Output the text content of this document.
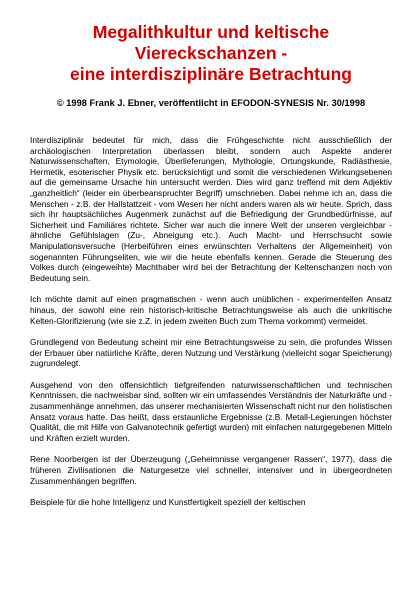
Megalithkultur und keltische
Viereckschanzen -
eine interdisziplinäre Betrachtung
© 1998 Frank J. Ebner, veröffentlicht in EFODON-SYNESIS Nr. 30/1998

Interdisziplinär bedeutet für mich, dass die Frühgeschichte nicht ausschließlich der archäologischen Interpretation überlassen bleibt, sondern auch Aspekte anderer Naturwissenschaften, Etymologie, Überlieferungen, Mythologie, Ortungskunde, Radiästhesie, Hermetik, esoterischer Physik etc. berücksichtigt und somit die verschiedenen Wirkungsebenen auf die gemeinsame Ursache hin untersucht werden. Dies wird ganz treffend mit dem Adjektiv „ganzheitlich“ (leider ein überbeanspruchter Begriff) umschrieben. Dabei nehme ich an, dass die Menschen - z.B. der Hallstattzeit - vom Wesen her nicht anders waren als wir heute. Sprich, dass sich ihr hauptsächliches Augenmerk zunächst auf die Befriedigung der Grundbedürfnisse, auf Sicherheit und Familiäres richtete. Sicher war auch die innere Welt der unseren vergleichbar - ähnliche Gefühlslagen (Zu-, Abneigung etc.). Auch Macht- und Herrschsucht sowie Manipulationsversuche (Herbeiführen eines erwünschten Verhaltens der Allgemeinheit) von sogenannten Führungseliten, wie wir die heute ebenfalls kennen. Gerade die Steuerung des Volkes durch (eingeweihte) Machthaber wird bei der Betrachtung der Keltenschanzen noch von Bedeutung sein.

Ich möchte damit auf einen pragmatischen - wenn auch unüblichen - experimentellen Ansatz hinaus, der sowohl eine rein historisch-kritische Betrachtungsweise als auch die unkritische Kelten-Glorifizierung (wie sie z.Z. in jedem zweiten Buch zum Thema vorkommt) vermeidet.

Grundlegend von Bedeutung scheint mir eine Betrachtungsweise zu sein, die profundes Wissen der Erbauer über natürliche Kräfte, deren Nutzung und Verstärkung (vielleicht sogar Speicherung) zugrundelegt.

Ausgehend von den offensichtlich tiefgreifenden naturwissenschaftlichen und technischen Kenntnissen, die nachweisbar sind, sollten wir ein umfassendes Verständnis der Naturkräfte und -zusammenhänge annehmen, das unserer mechanisierten Wissenschaft nicht nur den holistischen Ansatz voraus hatte. Das heißt, dass erstaunliche Ergebnisse (z.B. Metall-Legierungen höchster Qualität, die mit Hilfe von Galvanotechnik gefertigt wurden) mit einfachen naturgegebenen Mitteln und Kräften erzielt wurden.

Rene Noorbergen ist der Überzeugung („Geheimnisse vergangener Rassen“, 1977), dass die früheren Zivilisationen die Naturgesetze viel schneller, intensiver und in übergeordneten Zusammenhängen begriffen.

Beispiele für die hohe Intelligenz und Kunstfertigkeit speziell der keltischen
